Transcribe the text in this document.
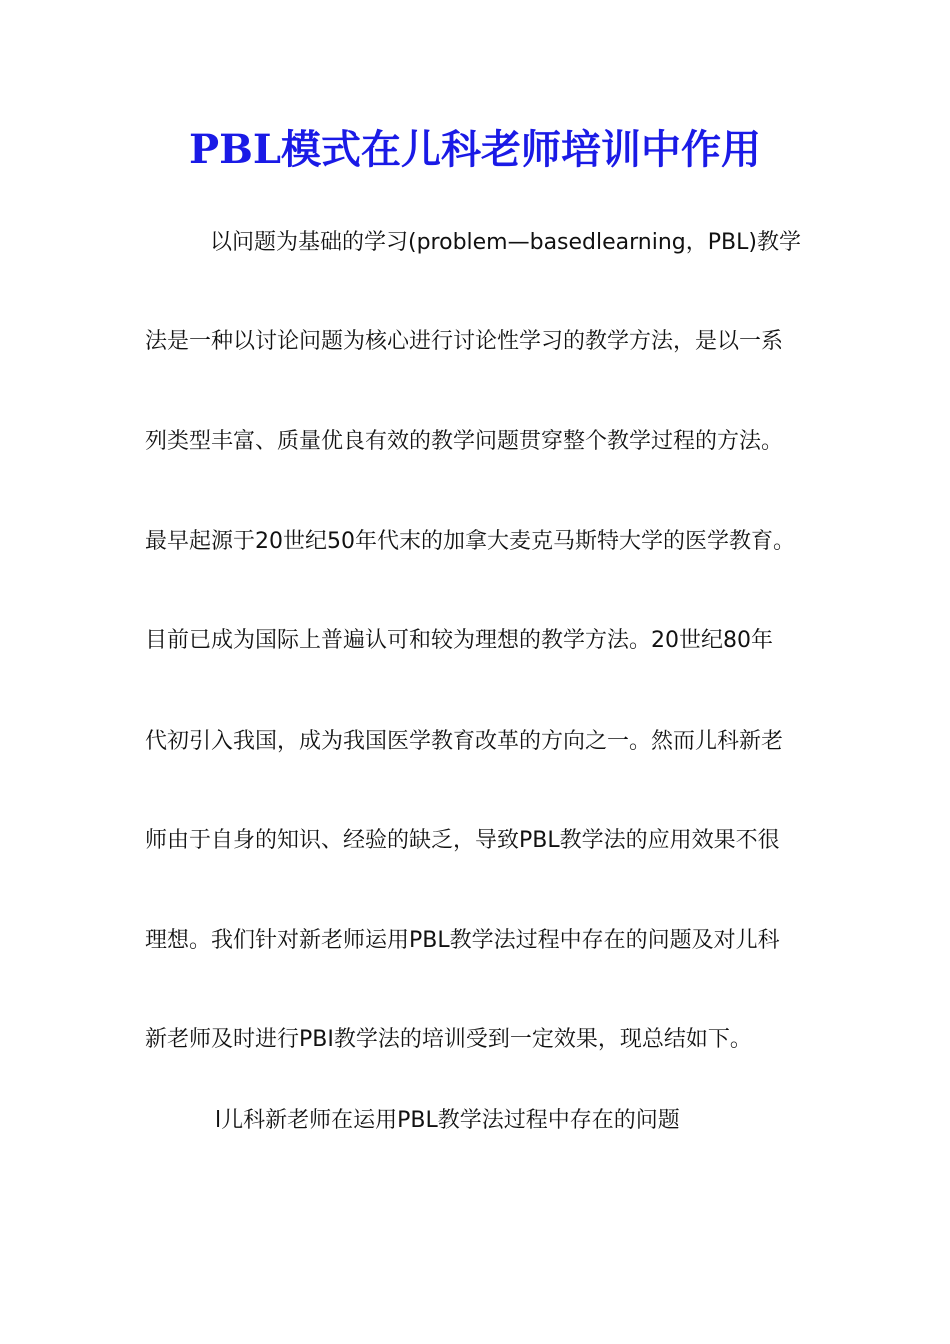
PBL模式在儿科老师培训中作用

以问题为基础的学习(problem—basedlearning，PBL)教学

法是一种以讨论问题为核心进行讨论性学习的教学方法，是以一系

列类型丰富、质量优良有效的教学问题贯穿整个教学过程的方法。

最早起源于20世纪50年代末的加拿大麦克马斯特大学的医学教育。

目前已成为国际上普遍认可和较为理想的教学方法。20世纪80年

代初引入我国，成为我国医学教育改革的方向之一。然而儿科新老

师由于自身的知识、经验的缺乏，导致PBL教学法的应用效果不很

理想。我们针对新老师运用PBL教学法过程中存在的问题及对儿科

新老师及时进行PBI教学法的培训受到一定效果，现总结如下。

l儿科新老师在运用PBL教学法过程中存在的问题
